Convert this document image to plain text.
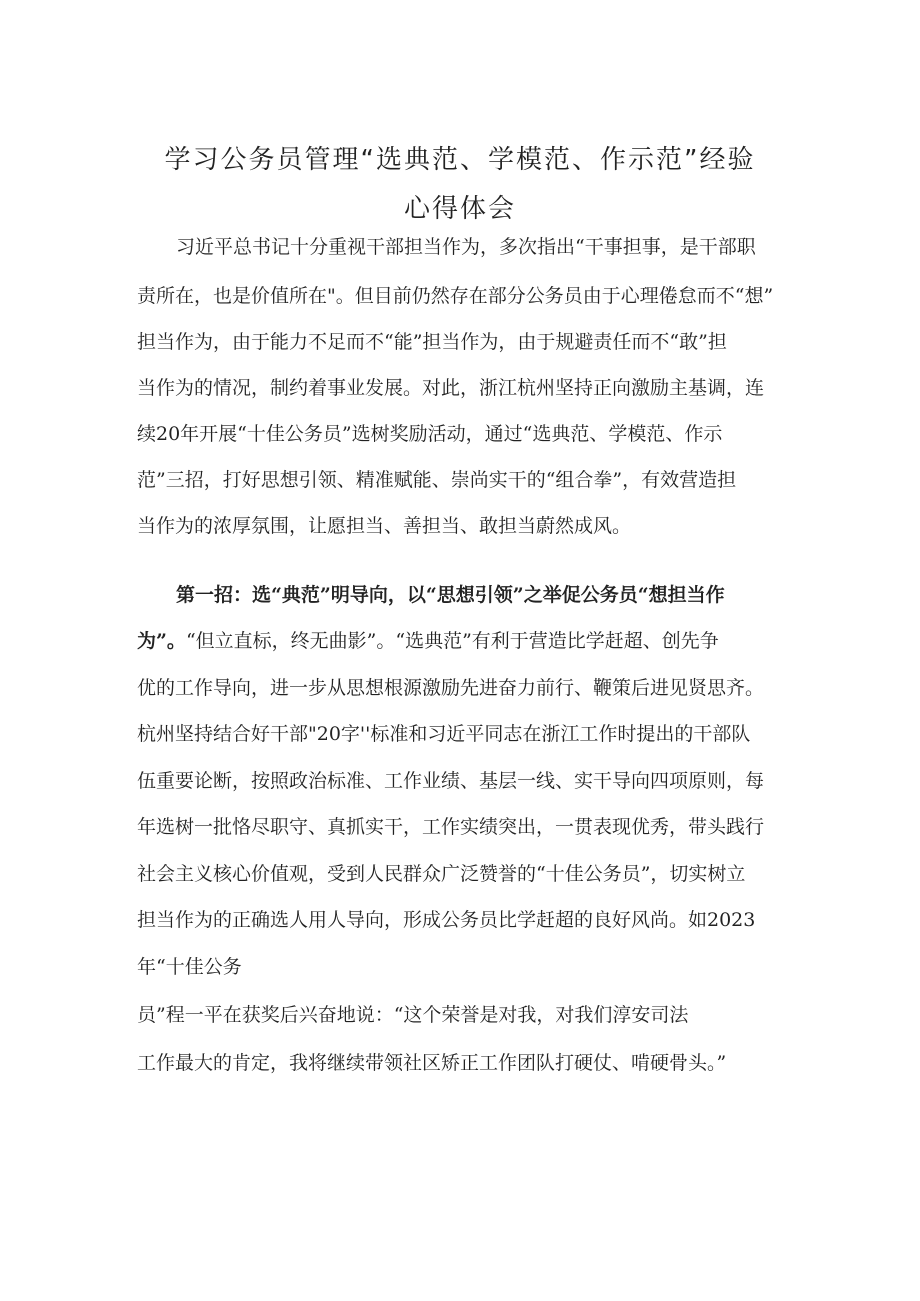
学习公务员管理“选典范、学模范、作示范”经验
心得体会

习近平总书记十分重视干部担当作为，多次指出“干事担事，是干部职

责所在，也是价值所在"。但目前仍然存在部分公务员由于心理倦怠而不“想”

担当作为，由于能力不足而不“能”担当作为，由于规避责任而不“敢”担

当作为的情况，制约着事业发展。对此，浙江杭州坚持正向激励主基调，连

续20年开展“十佳公务员”选树奖励活动，通过“选典范、学模范、作示

范”三招，打好思想引领、精准赋能、崇尚实干的“组合拳”，有效营造担

当作为的浓厚氛围，让愿担当、善担当、敢担当蔚然成风。

第一招：选“典范”明导向，以“思想引领”之举促公务员“想担当作

为”。“但立直标，终无曲影”。“选典范”有利于营造比学赶超、创先争

优的工作导向，进一步从思想根源激励先进奋力前行、鞭策后进见贤思齐。

杭州坚持结合好干部"20字''标准和习近平同志在浙江工作时提出的干部队

伍重要论断，按照政治标准、工作业绩、基层一线、实干导向四项原则，每

年选树一批恪尽职守、真抓实干，工作实绩突出，一贯表现优秀，带头践行

社会主义核心价值观，受到人民群众广泛赞誉的“十佳公务员”，切实树立

担当作为的正确选人用人导向，形成公务员比学赶超的良好风尚。如2023

年“十佳公务

员”程一平在获奖后兴奋地说：“这个荣誉是对我，对我们淳安司法

工作最大的肯定，我将继续带领社区矫正工作团队打硬仗、啃硬骨头。”
